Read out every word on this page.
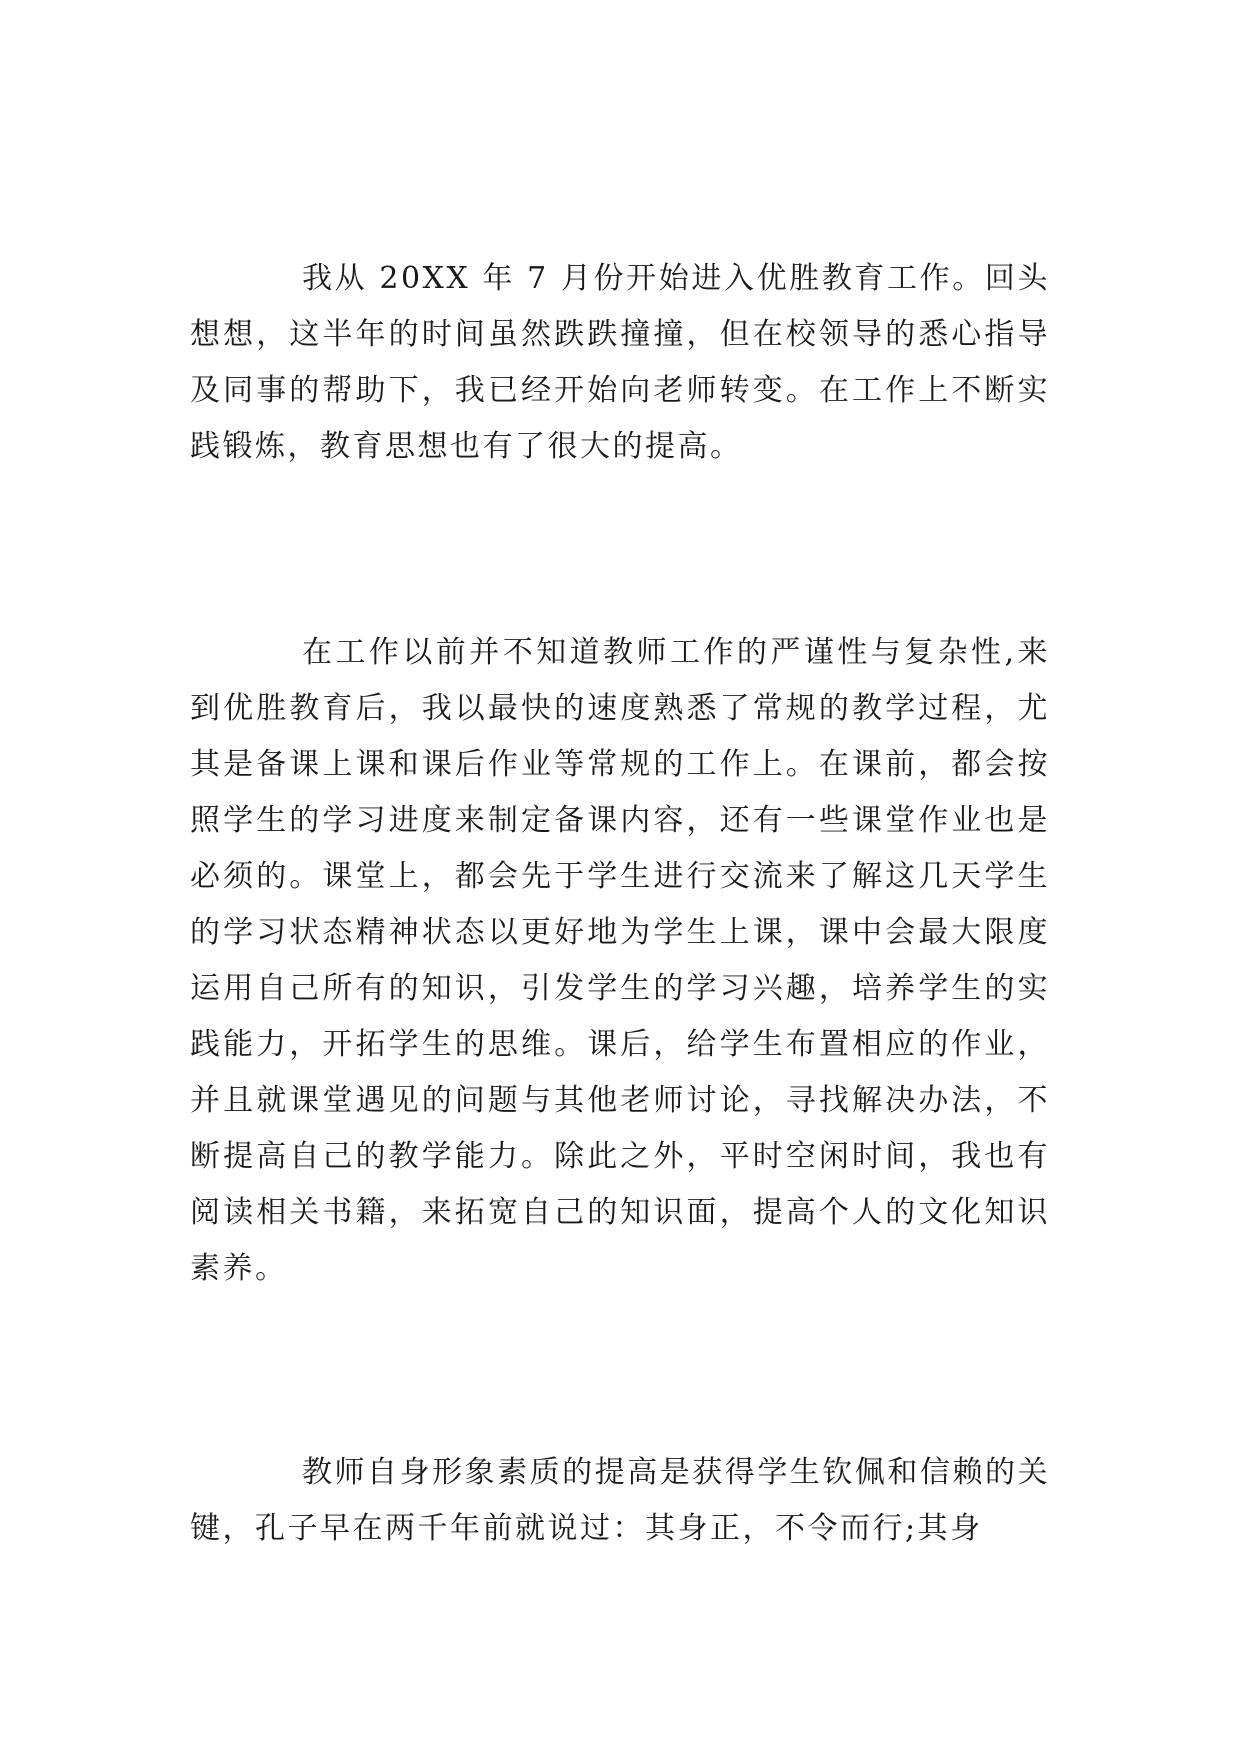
我从 20XX 年 7 月份开始进入优胜教育工作。回头想想，这半年的时间虽然跌跌撞撞，但在校领导的悉心指导及同事的帮助下，我已经开始向老师转变。在工作上不断实践锻炼，教育思想也有了很大的提高。

在工作以前并不知道教师工作的严谨性与复杂性,来到优胜教育后，我以最快的速度熟悉了常规的教学过程，尤其是备课上课和课后作业等常规的工作上。在课前，都会按照学生的学习进度来制定备课内容，还有一些课堂作业也是必须的。课堂上，都会先于学生进行交流来了解这几天学生的学习状态精神状态以更好地为学生上课，课中会最大限度运用自己所有的知识，引发学生的学习兴趣，培养学生的实践能力，开拓学生的思维。课后，给学生布置相应的作业，并且就课堂遇见的问题与其他老师讨论，寻找解决办法，不断提高自己的教学能力。除此之外，平时空闲时间，我也有阅读相关书籍，来拓宽自己的知识面，提高个人的文化知识素养。

教师自身形象素质的提高是获得学生钦佩和信赖的关键，孔子早在两千年前就说过：其身正，不令而行;其身
